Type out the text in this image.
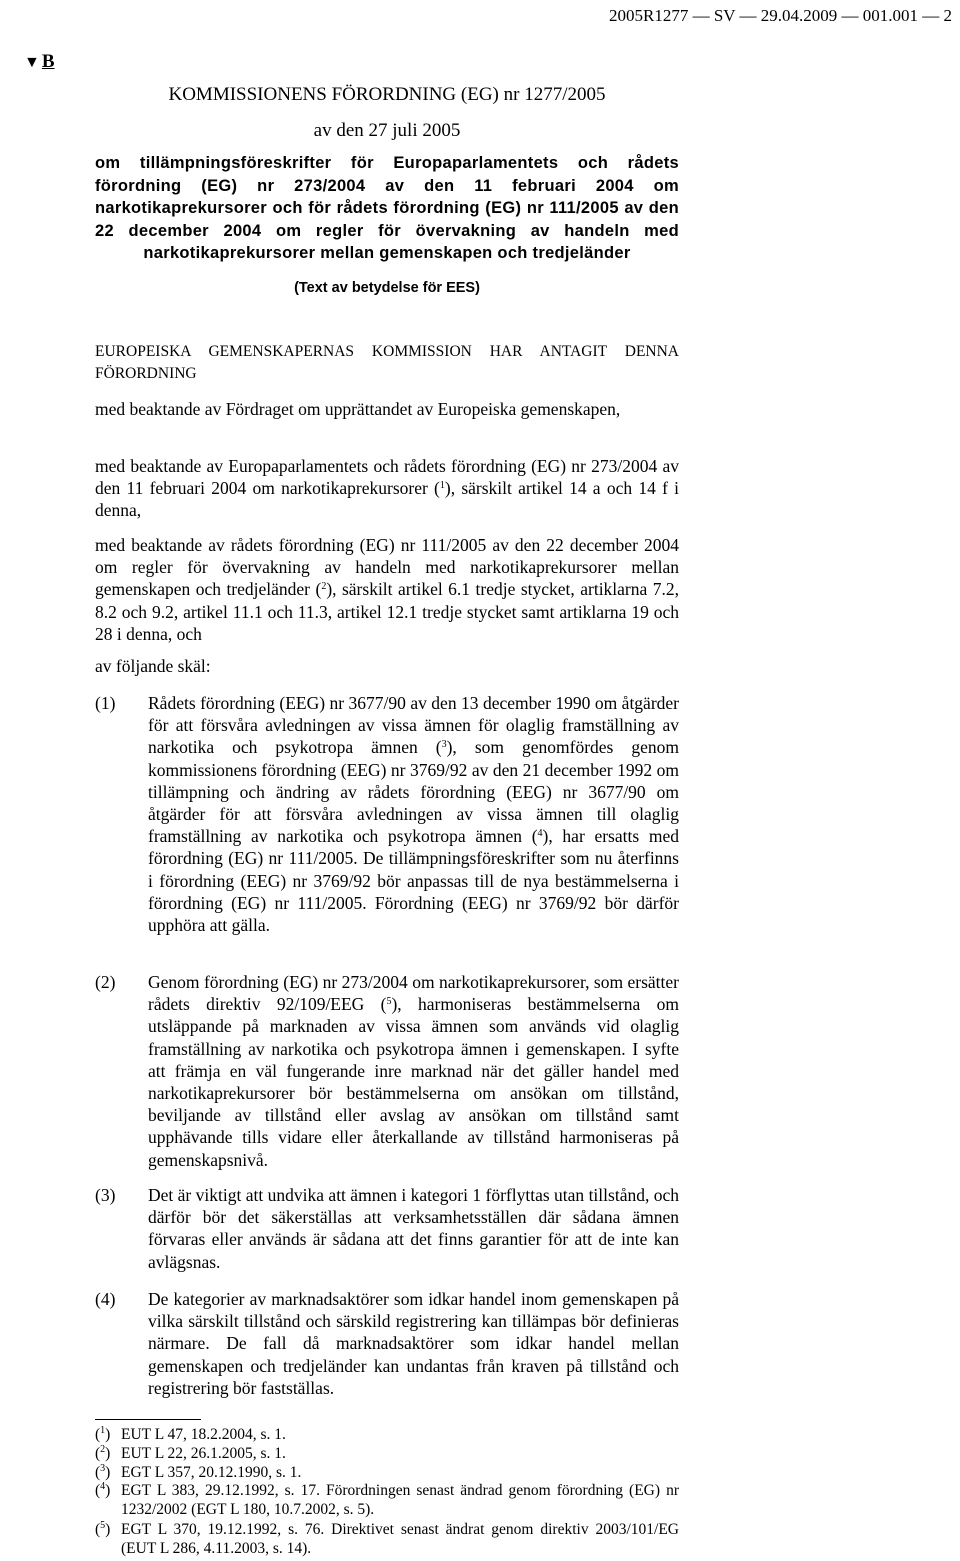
2005R1277 — SV — 29.04.2009 — 001.001 — 2
▼ B
KOMMISSIONENS FÖRORDNING (EG) nr 1277/2005
av den 27 juli 2005
om tillämpningsföreskrifter för Europaparlamentets och rådets förordning (EG) nr 273/2004 av den 11 februari 2004 om narkotikaprekursorer och för rådets förordning (EG) nr 111/2005 av den 22 december 2004 om regler för övervakning av handeln med narkotikaprekursorer mellan gemenskapen och tredjeländer
(Text av betydelse för EES)
EUROPEISKA GEMENSKAPERNAS KOMMISSION HAR ANTAGIT DENNA FÖRORDNING
med beaktande av Fördraget om upprättandet av Europeiska gemenskapen,
med beaktande av Europaparlamentets och rådets förordning (EG) nr 273/2004 av den 11 februari 2004 om narkotikaprekursorer ($^1$), särskilt artikel 14 a och 14 f i denna,
med beaktande av rådets förordning (EG) nr 111/2005 av den 22 december 2004 om regler för övervakning av handeln med narkotikaprekursorer mellan gemenskapen och tredjeländer ($^2$), särskilt artikel 6.1 tredje stycket, artiklarna 7.2, 8.2 och 9.2, artikel 11.1 och 11.3, artikel 12.1 tredje stycket samt artiklarna 19 och 28 i denna, och
av följande skäl:
(1) Rådets förordning (EEG) nr 3677/90 av den 13 december 1990 om åtgärder för att försvåra avledningen av vissa ämnen för olaglig framställning av narkotika och psykotropa ämnen ($^3$), som genomfördes genom kommissionens förordning (EEG) nr 3769/92 av den 21 december 1992 om tillämpning och ändring av rådets förordning (EEG) nr 3677/90 om åtgärder för att försvåra avledningen av vissa ämnen till olaglig framställning av narkotika och psykotropa ämnen ($^4$), har ersatts med förordning (EG) nr 111/2005. De tillämpningsföreskrifter som nu återfinns i förordning (EEG) nr 3769/92 bör anpassas till de nya bestämmelserna i förordning (EG) nr 111/2005. Förordning (EEG) nr 3769/92 bör därför upphöra att gälla.
(2) Genom förordning (EG) nr 273/2004 om narkotikaprekursorer, som ersätter rådets direktiv 92/109/EEG ($^5$), harmoniseras bestämmelserna om utsläppande på marknaden av vissa ämnen som används vid olaglig framställning av narkotika och psykotropa ämnen i gemenskapen. I syfte att främja en väl fungerande inre marknad när det gäller handel med narkotikaprekursorer bör bestämmelserna om ansökan om tillstånd, beviljande av tillstånd eller avslag av ansökan om tillstånd samt upphävande tills vidare eller återkallande av tillstånd harmoniseras på gemenskapsnivå.
(3) Det är viktigt att undvika att ämnen i kategori 1 förflyttas utan tillstånd, och därför bör det säkerställas att verksamhetsställen där sådana ämnen förvaras eller används är sådana att det finns garantier för att de inte kan avlägsnas.
(4) De kategorier av marknadsaktörer som idkar handel inom gemenskapen på vilka särskilt tillstånd och särskild registrering kan tillämpas bör definieras närmare. De fall då marknadsaktörer som idkar handel mellan gemenskapen och tredjeländer kan undantas från kraven på tillstånd och registrering bör fastställas.
($^1$) EUT L 47, 18.2.2004, s. 1.
($^2$) EUT L 22, 26.1.2005, s. 1.
($^3$) EGT L 357, 20.12.1990, s. 1.
($^4$) EGT L 383, 29.12.1992, s. 17. Förordningen senast ändrad genom förordning (EG) nr 1232/2002 (EGT L 180, 10.7.2002, s. 5).
($^5$) EGT L 370, 19.12.1992, s. 76. Direktivet senast ändrat genom direktiv 2003/101/EG (EUT L 286, 4.11.2003, s. 14).
